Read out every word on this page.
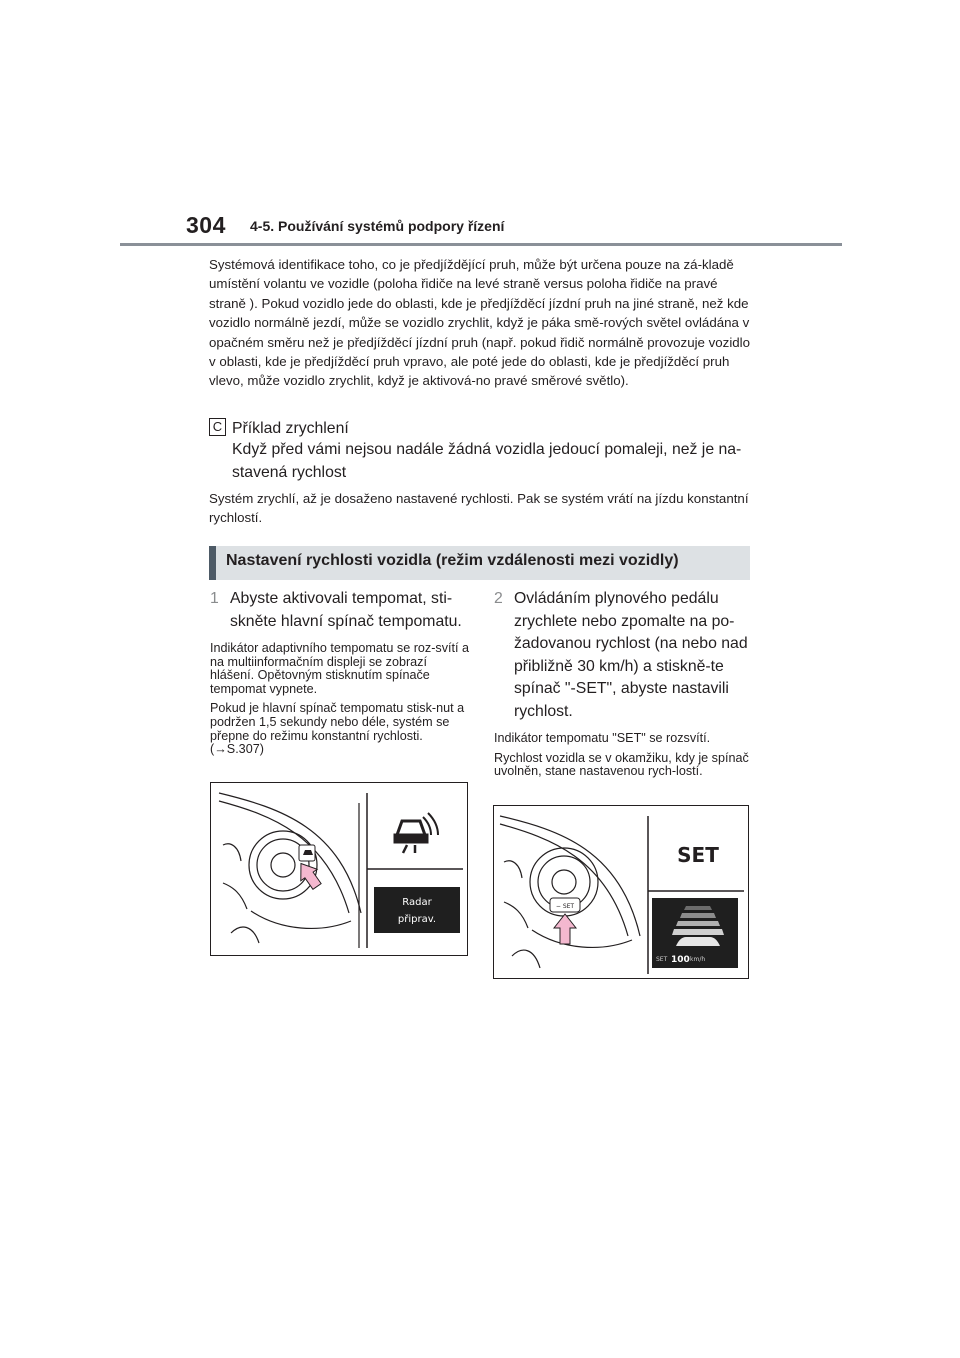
304 4-5. Používání systémů podpory řízení

Systémová identifikace toho, co je předjíždějící pruh, může být určena pouze na zá-kladě umístění volantu ve vozidle (poloha řidiče na levé straně versus poloha řidiče na pravé straně ). Pokud vozidlo jede do oblasti, kde je předjížděcí jízdní pruh na jiné straně, než kde vozidlo normálně jezdí, může se vozidlo zrychlit, když je páka smě-rových světel ovládána v opačném směru než je předjížděcí jízdní pruh (např. pokud řidič normálně provozuje vozidlo v oblasti, kde je předjížděcí pruh vpravo, ale poté jede do oblasti, kde je předjížděcí pruh vlevo, může vozidlo zrychlit, když je aktivová-no pravé směrové světlo).

C Příklad zrychlení

Když před vámi nejsou nadále žádná vozidla jedoucí pomaleji, než je na-stavená rychlost

Systém zrychlí, až je dosaženo nastavené rychlosti. Pak se systém vrátí na jízdu konstantní rychlostí.

Nastavení rychlosti vozidla (režim vzdálenosti mezi vozidly)

1 Abyste aktivovali tempomat, sti-skněte hlavní spínač tempomatu.

Indikátor adaptivního tempomatu se roz-svítí a na multiinformačním displeji se zobrazí hlášení. Opětovným stisknutím spínače tempomat vypnete.

Pokud je hlavní spínač tempomatu stisk-nut a podržen 1,5 sekundy nebo déle, systém se přepne do režimu konstantní rychlosti. (→S.307)

Radar
připrav.

2 Ovládáním plynového pedálu zrychlete nebo zpomalte na po-žadovanou rychlost (na nebo nad přibližně 30 km/h) a stiskně-te spínač "-SET", abyste nastavili rychlost.

Indikátor tempomatu "SET" se rozsvítí.

Rychlost vozidla se v okamžiku, kdy je spínač uvolněn, stane nastavenou rych-lostí.

− SET
SET
SET 100 km/h
